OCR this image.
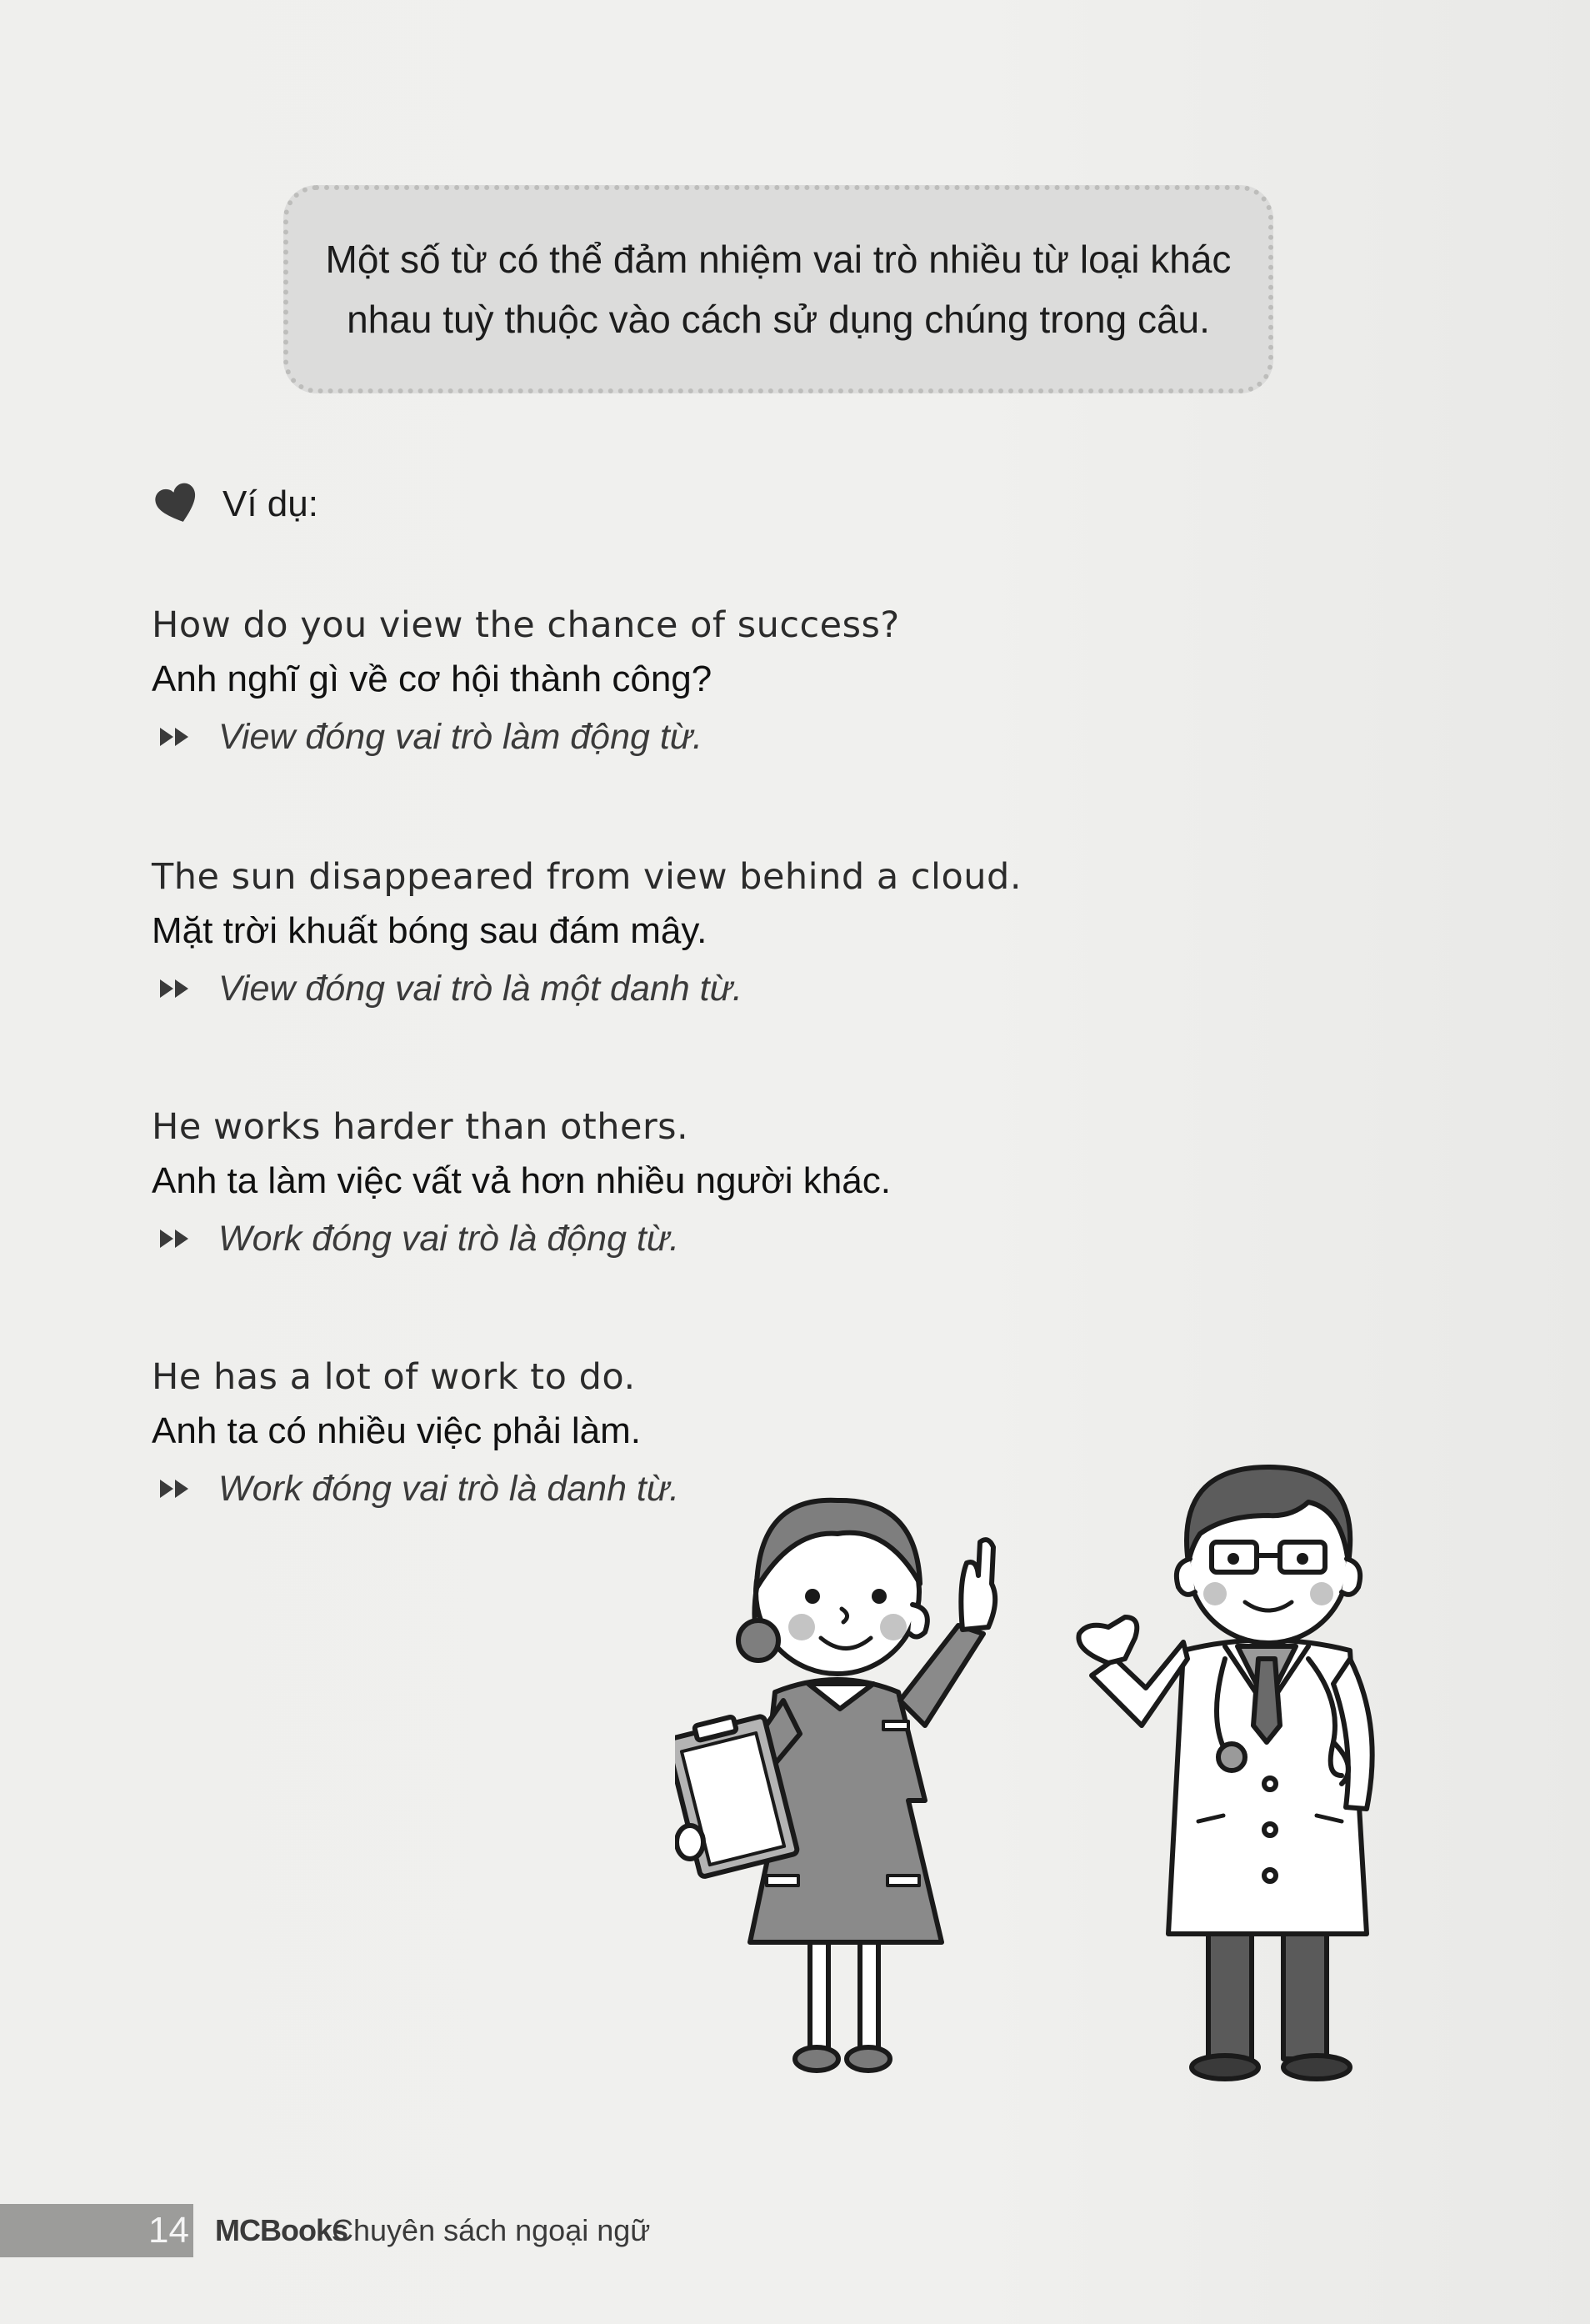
Một số từ có thể đảm nhiệm vai trò nhiều từ loại khác
nhau tuỳ thuộc vào cách sử dụng chúng trong câu.
Ví dụ:
How do you view the chance of success?
Anh nghĩ gì về cơ hội thành công?
View đóng vai trò làm động từ.
The sun disappeared from view behind a cloud.
Mặt trời khuất bóng sau đám mây.
View đóng vai trò là một danh từ.
He works harder than others.
Anh ta làm việc vất vả hơn nhiều người khác.
Work đóng vai trò là động từ.
He has a lot of work to do.
Anh ta có nhiều việc phải làm.
Work đóng vai trò là danh từ.
14 MCBooks
Chuyên sách ngoại ngữ
